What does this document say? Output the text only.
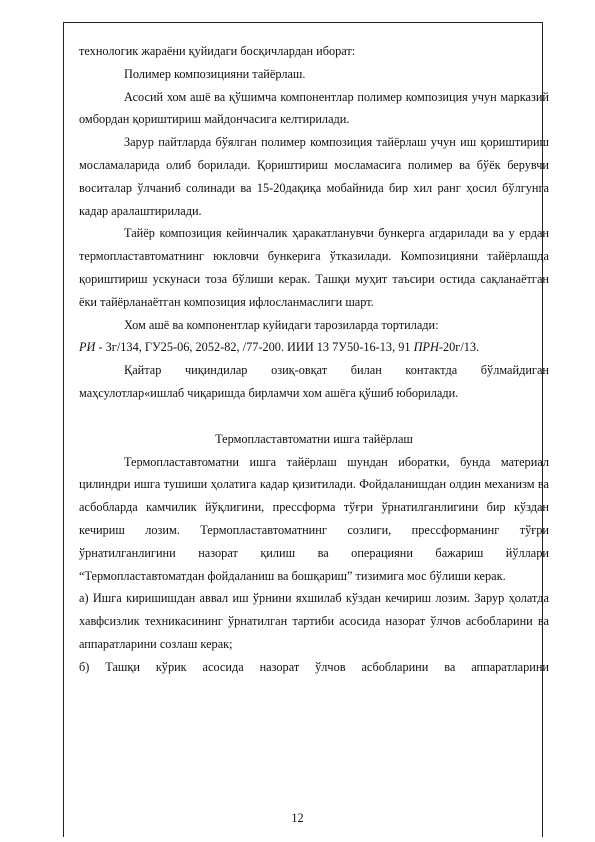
технологик жараёни қуйидаги босқичлардан иборат:

Полимер композицияни тайёрлаш.

Асосий хом ашё ва қўшимча компонентлар полимер композиция учун марказий омбордан қориштириш майдончасига келтирилади.

Зарур пайтларда бўялган полимер композиция тайёрлаш учун иш қориштириш мосламаларида олиб борилади. Қориштириш мосламасига полимер ва бўёк берувчи воситалар ўлчаниб солинади ва 15-20дақиқа мобайнида бир хил ранг ҳосил бўлгунга кадар аралаштирилади.

Тайёр композиция кейинчалик ҳаракатланувчи бункерга агдарилади ва у ердан термопластавтоматнинг юкловчи бункерига ўтказилади. Композицияни тайёрлашда қориштириш ускунаси тоза бўлиши керак. Ташқи муҳит таъсири остида сақланаётган ёки тайёрланаётган композиция ифлосланмаслиги шарт.

Хом ашё ва компонентлар куйидаги тарозиларда тортилади:

РИ - Зг/134, ГУ25-06, 2052-82, /77-200. ИИИ 13 7У50-16-13, 91 ПРН-20г/13.

Қайтар чиқиндилар озиқ-овқат билан контактда бўлмайдиган маҳсулотлар«ишлаб чиқаришда бирламчи хом ашёга қўшиб юборилади.

Термопластавтоматни ишга тайёрлаш

Термопластавтоматни ишга тайёрлаш шундан иборатки, бунда материал цилиндри ишга тушиши ҳолатига кадар қизитилади. Фойдаланишдан олдин механизм ва асбобларда камчилик йўқлигини, прессформа тўғри ўрнатилганлигини бир кўздан кечириш лозим. Термопластавтоматнинг созлиги, прессформанинг тўғри ўрнатилганлигини назорат қилиш ва операцияни бажариш йўллари “Термопластавтоматдан фойдаланиш ва бошқариш” тизимига мос бўлиши керак.

а) Ишга киришишдан аввал иш ўрнини яхшилаб кўздан кечириш лозим. Зарур ҳолатда хавфсизлик техникасининг ўрнатилган тартиби асосида назорат ўлчов асбобларини ва аппаратларини созлаш керак;

б) Ташқи кўрик асосида назорат ўлчов асбобларини ва аппаратларини

12
